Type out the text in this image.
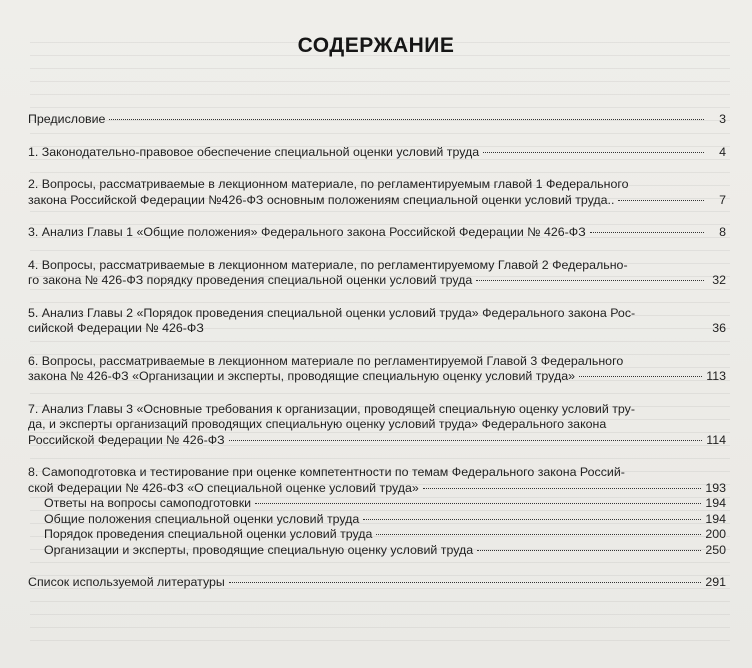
СОДЕРЖАНИЕ
Предисловие	3
1. Законодательно-правовое обеспечение специальной оценки условий труда	4
2. Вопросы, рассматриваемые в лекционном материале, по регламентируемым главой 1 Федерального
закона Российской Федерации №426-ФЗ основным положениям специальной оценки условий труда..	7
3. Анализ Главы 1 «Общие положения» Федерального закона Российской Федерации № 426-ФЗ	8
4. Вопросы, рассматриваемые в лекционном материале, по регламентируемому Главой 2 Федерально-
го закона № 426-ФЗ порядку проведения специальной оценки условий труда	32
5. Анализ Главы 2 «Порядок проведения специальной оценки условий труда» Федерального закона Рос-
сийской Федерации № 426-ФЗ	36
6. Вопросы, рассматриваемые в лекционном материале по регламентируемой Главой 3 Федерального
закона № 426-ФЗ «Организации и эксперты, проводящие специальную оценку условий труда»	113
7. Анализ Главы 3 «Основные требования к организации, проводящей специальную оценку условий тру-
да, и эксперты организаций проводящих специальную оценку условий труда» Федерального закона
Российской Федерации № 426-ФЗ	114
8. Самоподготовка и тестирование при оценке компетентности по темам Федерального закона Россий-
ской Федерации № 426-ФЗ «О специальной оценке условий труда»	193
Ответы на вопросы самоподготовки	194
Общие положения специальной оценки условий труда	194
Порядок проведения специальной оценки условий труда	200
Организации и эксперты, проводящие специальную оценку условий труда	250
Список используемой литературы	291
